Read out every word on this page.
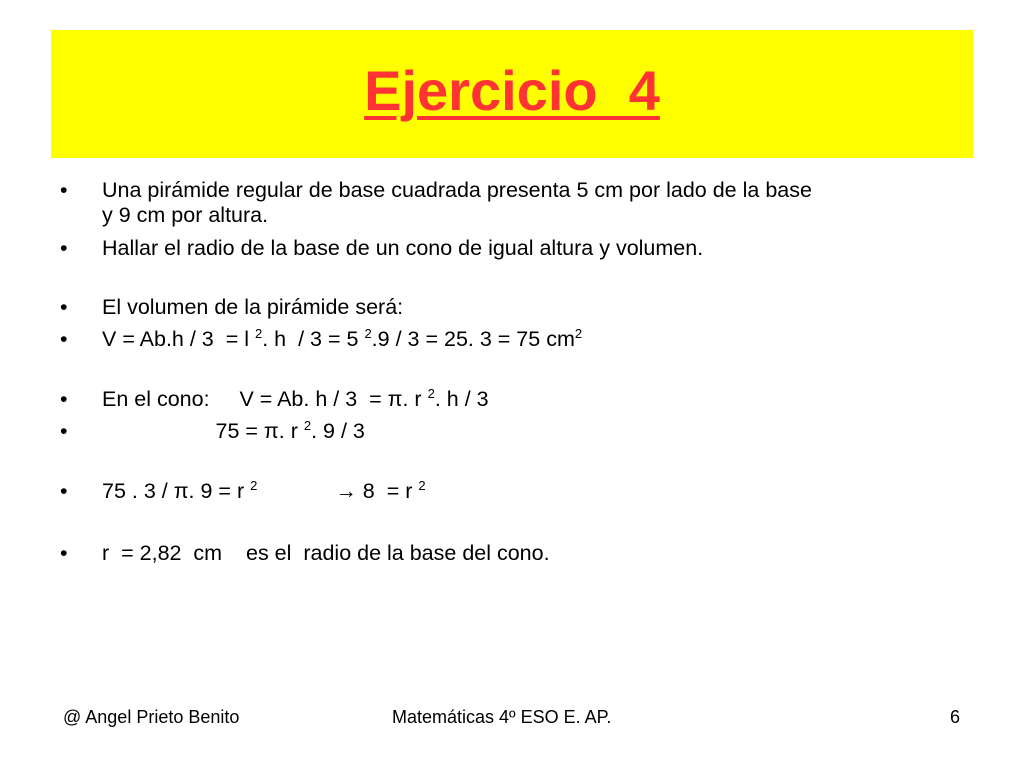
Ejercicio  4

•

Una pirámide regular de base cuadrada presenta 5 cm por lado de la base

y 9 cm por altura.

•

Hallar el radio de la base de un cono de igual altura y volumen.

•

El volumen de la pirámide será:

•

V = Ab.h / 3  = l $^2$. h  / 3 = 5 $^2$.9 / 3 = 25. 3 = 75 $cm^2$

•

En el cono:     V = Ab. h / 3  = π. r $^2$. h / 3

•

75 = π. r $^2$. 9 / 3

•

75 . 3 / π. 9 = r $^2$	→ 8  = r $^2$

•

r  = 2,82  cm    es el  radio de la base del cono.

@ Angel Prieto Benito	Matemáticas 4º ESO E. AP.	6
